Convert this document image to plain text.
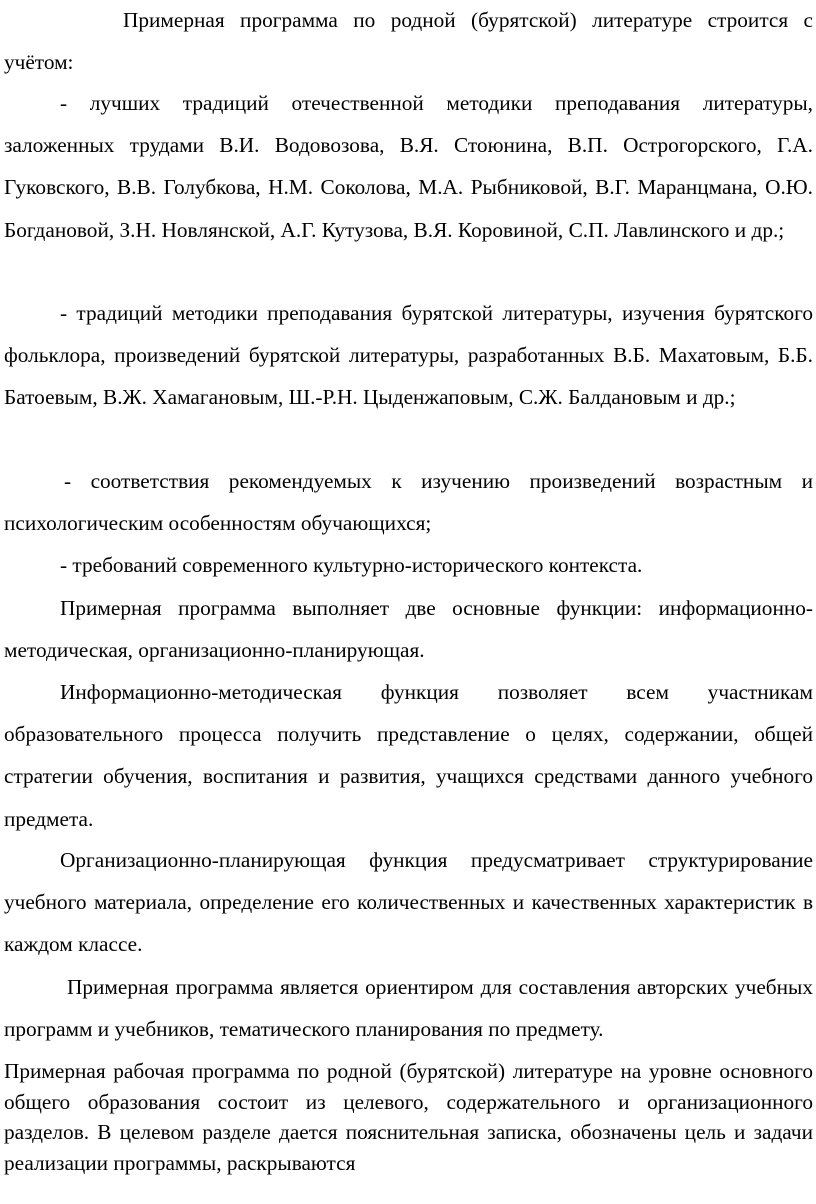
Примерная программа по родной (бурятской) литературе строится с учётом:

- лучших традиций отечественной методики преподавания литературы, заложенных трудами В.И. Водовозова, В.Я. Стоюнина, В.П. Острогорского, Г.А. Гуковского, В.В. Голубкова, Н.М. Соколова, М.А. Рыбниковой, В.Г. Маранцмана, О.Ю. Богдановой, З.Н. Новлянской, А.Г. Кутузова, В.Я. Коровиной, С.П. Лавлинского и др.;

- традиций методики преподавания бурятской литературы, изучения бурятского фольклора, произведений бурятской литературы, разработанных В.Б. Махатовым, Б.Б. Батоевым, В.Ж. Хамагановым, Ш.-Р.Н. Цыденжаповым, С.Ж. Балдановым и др.;

- соответствия рекомендуемых к изучению произведений возрастным и психологическим особенностям обучающихся;

- требований современного культурно-исторического контекста.

Примерная программа выполняет две основные функции: информационно- методическая, организационно-планирующая.

Информационно-методическая функция позволяет всем участникам образовательного процесса получить представление о целях, содержании, общей стратегии обучения, воспитания и развития, учащихся средствами данного учебного предмета.

Организационно-планирующая функция предусматривает структурирование учебного материала, определение его количественных и качественных характеристик в каждом классе.

Примерная программа является ориентиром для составления авторских учебных программ и учебников, тематического планирования по предмету.

Примерная рабочая программа по родной (бурятской) литературе на уровне основного общего образования состоит из целевого, содержательного и организационного разделов. В целевом разделе дается пояснительная записка, обозначены цель и задачи реализации программы, раскрываются
